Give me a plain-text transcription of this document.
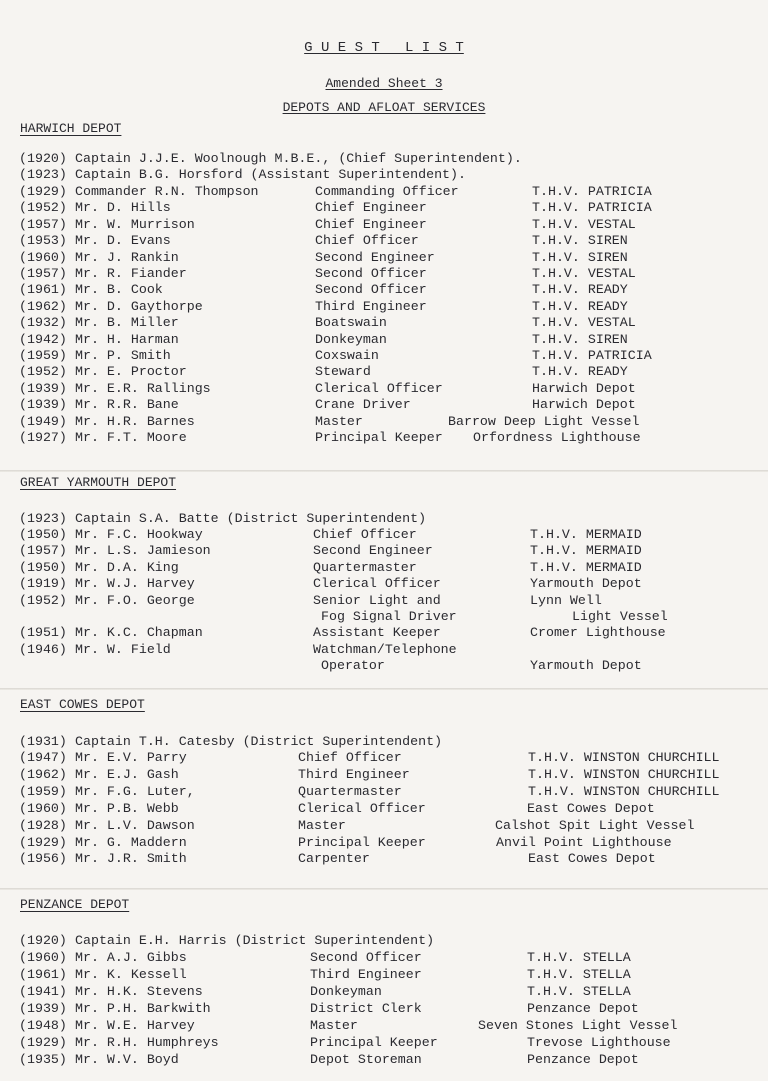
G U E S T   L I S T
Amended Sheet 3
DEPOTS AND AFLOAT SERVICES
HARWICH DEPOT
(1920) Captain J.J.E. Woolnough M.B.E., (Chief Superintendent).
(1923) Captain B.G. Horsford (Assistant Superintendent).
(1929) Commander R.N. Thompson	Commanding Officer	T.H.V. PATRICIA
(1952) Mr. D. Hills	Chief Engineer	T.H.V. PATRICIA
(1957) Mr. W. Murrison	Chief Engineer	T.H.V. VESTAL
(1953) Mr. D. Evans	Chief Officer	T.H.V. SIREN
(1960) Mr. J. Rankin	Second Engineer	T.H.V. SIREN
(1957) Mr. R. Fiander	Second Officer	T.H.V. VESTAL
(1961) Mr. B. Cook	Second Officer	T.H.V. READY
(1962) Mr. D. Gaythorpe	Third Engineer	T.H.V. READY
(1932) Mr. B. Miller	Boatswain	T.H.V. VESTAL
(1942) Mr. H. Harman	Donkeyman	T.H.V. SIREN
(1959) Mr. P. Smith	Coxswain	T.H.V. PATRICIA
(1952) Mr. E. Proctor	Steward	T.H.V. READY
(1939) Mr. E.R. Rallings	Clerical Officer	Harwich Depot
(1939) Mr. R.R. Bane	Crane Driver	Harwich Depot
(1949) Mr. H.R. Barnes	Master	Barrow Deep Light Vessel
(1927) Mr. F.T. Moore	Principal Keeper Orfordness Lighthouse
GREAT YARMOUTH DEPOT
(1923) Captain S.A. Batte (District Superintendent)
(1950) Mr. F.C. Hookway	Chief Officer	T.H.V. MERMAID
(1957) Mr. L.S. Jamieson	Second Engineer	T.H.V. MERMAID
(1950) Mr. D.A. King	Quartermaster	T.H.V. MERMAID
(1919) Mr. W.J. Harvey	Clerical Officer	Yarmouth Depot
(1952) Mr. F.O. George	Senior Light and	Lynn Well
Fog Signal Driver	Light Vessel
(1951) Mr. K.C. Chapman	Assistant Keeper	Cromer Lighthouse
(1946) Mr. W. Field	Watchman/Telephone
Operator	Yarmouth Depot
EAST COWES DEPOT
(1931) Captain T.H. Catesby (District Superintendent)
(1947) Mr. E.V. Parry	Chief Officer	T.H.V. WINSTON CHURCHILL
(1962) Mr. E.J. Gash	Third Engineer	T.H.V. WINSTON CHURCHILL
(1959) Mr. F.G. Luter,	Quartermaster	T.H.V. WINSTON CHURCHILL
(1960) Mr. P.B. Webb	Clerical Officer	East Cowes Depot
(1928) Mr. L.V. Dawson	Master	Calshot Spit Light Vessel
(1929) Mr. G. Maddern	Principal Keeper	Anvil Point Lighthouse
(1956) Mr. J.R. Smith	Carpenter	East Cowes Depot
PENZANCE DEPOT
(1920) Captain E.H. Harris (District Superintendent)
(1960) Mr. A.J. Gibbs	Second Officer	T.H.V. STELLA
(1961) Mr. K. Kessell	Third Engineer	T.H.V. STELLA
(1941) Mr. H.K. Stevens	Donkeyman	T.H.V. STELLA
(1939) Mr. P.H. Barkwith	District Clerk	Penzance Depot
(1948) Mr. W.E. Harvey	Master	Seven Stones Light Vessel
(1929) Mr. R.H. Humphreys	Principal Keeper	Trevose Lighthouse
(1935) Mr. W.V. Boyd	Depot Storeman	Penzance Depot
